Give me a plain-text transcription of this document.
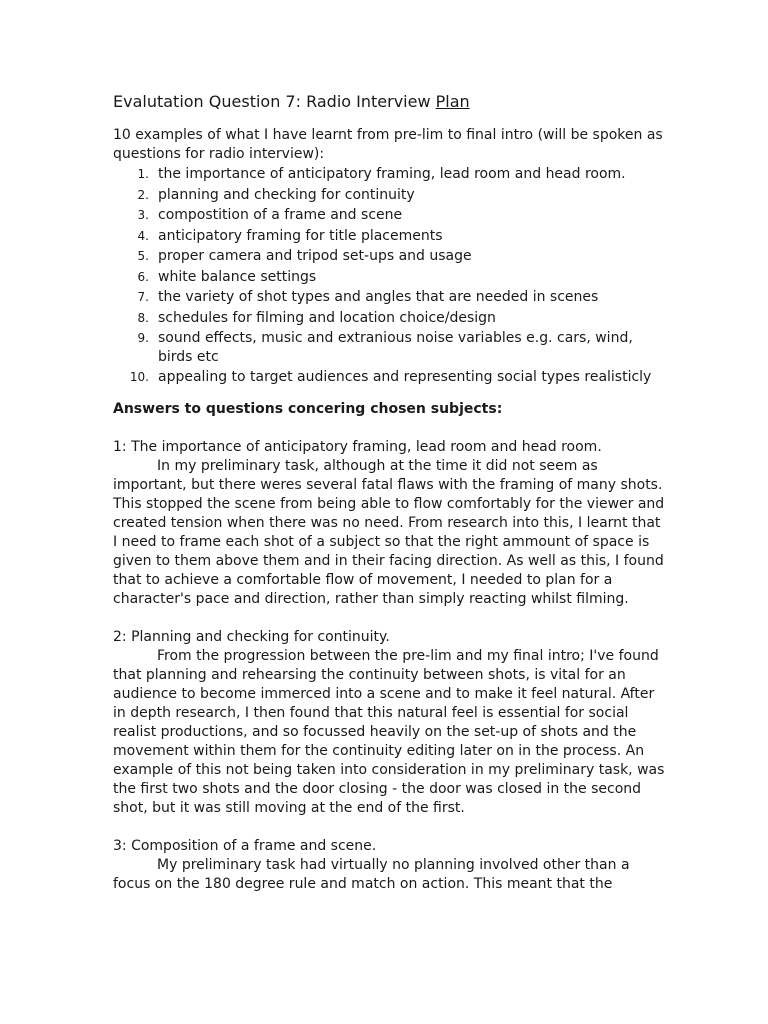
Evalutation Question 7: Radio Interview Plan

10 examples of what I have learnt from pre-lim to final intro (will be spoken as questions for radio interview):

1. the importance of anticipatory framing, lead room and head room.
2. planning and checking for continuity
3. compostition of a frame and scene
4. anticipatory framing for title placements
5. proper camera and tripod set-ups and usage
6. white balance settings
7. the variety of shot types and angles that are needed in scenes
8. schedules for filming and location choice/design
9. sound effects, music and extranious noise variables e.g. cars, wind, birds etc
10. appealing to target audiences and representing social types realisticly

Answers to questions concering chosen subjects:

1: The importance of anticipatory framing, lead room and head room.

In my preliminary task, although at the time it did not seem as important, but there weres several fatal flaws with the framing of many shots. This stopped the scene from being able to flow comfortably for the viewer and created tension when there was no need. From research into this, I learnt that I need to frame each shot of a subject so that the right ammount of space is given to them above them and in their facing direction. As well as this, I found that to achieve a comfortable flow of movement, I needed to plan for a character's pace and direction, rather than simply reacting whilst filming.

2: Planning and checking for continuity.

From the progression between the pre-lim and my final intro; I've found that planning and rehearsing the continuity between shots, is vital for an audience to become immerced into a scene and to make it feel natural. After in depth research, I then found that this natural feel is essential for social realist productions, and so focussed heavily on the set-up of shots and the movement within them for the continuity editing later on in the process. An example of this not being taken into consideration in my preliminary task, was the first two shots and the door closing - the door was closed in the second shot, but it was still moving at the end of the first.

3: Composition of a frame and scene.

My preliminary task had virtually no planning involved other than a focus on the 180 degree rule and match on action. This meant that the
